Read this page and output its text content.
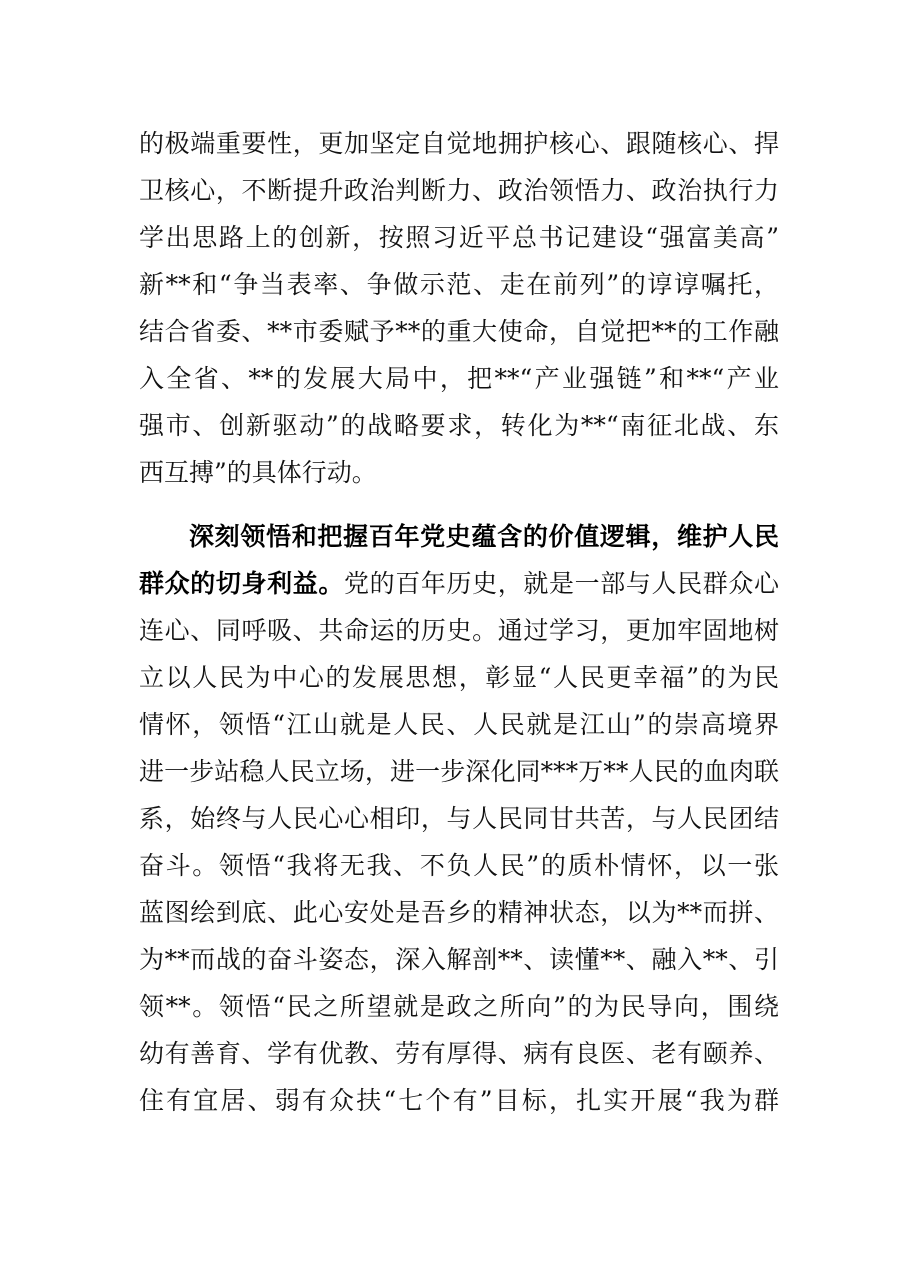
的极端重要性，更加坚定自觉地拥护核心、跟随核心、捍
卫核心，不断提升政治判断力、政治领悟力、政治执行力
学出思路上的创新，按照习近平总书记建设“强富美高”
新**和“争当表率、争做示范、走在前列”的谆谆嘱托，
结合省委、**市委赋予**的重大使命，自觉把**的工作融
入全省、**的发展大局中，把**“产业强链”和**“产业
强市、创新驱动”的战略要求，转化为**“南征北战、东
西互搏”的具体行动。
深刻领悟和把握百年党史蕴含的价值逻辑，维护人民
群众的切身利益。党的百年历史，就是一部与人民群众心
连心、同呼吸、共命运的历史。通过学习，更加牢固地树
立以人民为中心的发展思想，彰显“人民更幸福”的为民
情怀，领悟“江山就是人民、人民就是江山”的崇高境界
进一步站稳人民立场，进一步深化同***万**人民的血肉联
系，始终与人民心心相印，与人民同甘共苦，与人民团结
奋斗。领悟“我将无我、不负人民”的质朴情怀，以一张
蓝图绘到底、此心安处是吾乡的精神状态，以为**而拼、
为**而战的奋斗姿态，深入解剖**、读懂**、融入**、引
领**。领悟“民之所望就是政之所向”的为民导向，围绕
幼有善育、学有优教、劳有厚得、病有良医、老有颐养、
住有宜居、弱有众扶“七个有”目标，扎实开展“我为群
